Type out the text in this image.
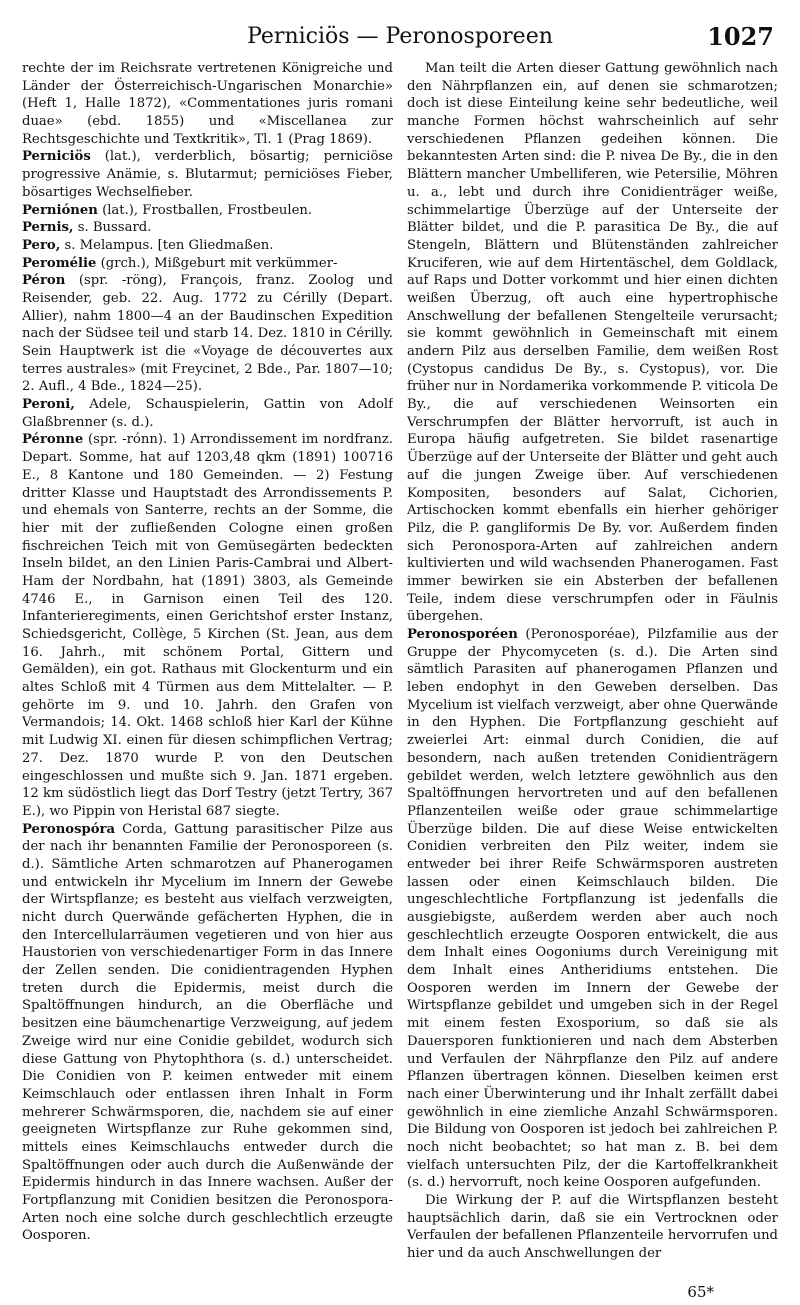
Perniciös — Peronosporeen	1027

rechte der im Reichsrate vertretenen Königreiche und Länder der Österreichisch-Ungarischen Monarchie» (Heft 1, Halle 1872), «Commentationes juris romani duae» (ebd. 1855) und «Miscellanea zur Rechtsgeschichte und Textkritik», Tl. 1 (Prag 1869).

Perniciös (lat.), verderblich, bösartig; perniciöse progressive Anämie, s. Blutarmut; perniciöses Fieber, bösartiges Wechselfieber.

Perniónen (lat.), Frostballen, Frostbeulen.

Pernis, s. Bussard.

Pero, s. Melampus. [ten Gliedmaßen.

Peromélie (grch.), Mißgeburt mit verkümmer-

Péron (spr. -röng), François, franz. Zoolog und Reisender, geb. 22. Aug. 1772 zu Cérilly (Depart. Allier), nahm 1800—4 an der Baudinschen Expedition nach der Südsee teil und starb 14. Dez. 1810 in Cérilly. Sein Hauptwerk ist die «Voyage de découvertes aux terres australes» (mit Freycinet, 2 Bde., Par. 1807—10; 2. Aufl., 4 Bde., 1824—25).

Peroni, Adele, Schauspielerin, Gattin von Adolf Glaßbrenner (s. d.).

Péronne (spr. -rónn). 1) Arrondissement im nordfranz. Depart. Somme, hat auf 1203,48 qkm (1891) 100716 E., 8 Kantone und 180 Gemeinden. — 2) Festung dritter Klasse und Hauptstadt des Arrondissements P. und ehemals von Santerre, rechts an der Somme, die hier mit der zufließenden Cologne einen großen fischreichen Teich mit von Gemüsegärten bedeckten Inseln bildet, an den Linien Paris-Cambrai und Albert-Ham der Nordbahn, hat (1891) 3803, als Gemeinde 4746 E., in Garnison einen Teil des 120. Infanterieregiments, einen Gerichtshof erster Instanz, Schiedsgericht, Collège, 5 Kirchen (St. Jean, aus dem 16. Jahrh., mit schönem Portal, Gittern und Gemälden), ein got. Rathaus mit Glockenturm und ein altes Schloß mit 4 Türmen aus dem Mittelalter. — P. gehörte im 9. und 10. Jahrh. den Grafen von Vermandois; 14. Okt. 1468 schloß hier Karl der Kühne mit Ludwig XI. einen für diesen schimpflichen Vertrag; 27. Dez. 1870 wurde P. von den Deutschen eingeschlossen und mußte sich 9. Jan. 1871 ergeben. 12 km südöstlich liegt das Dorf Testry (jetzt Tertry, 367 E.), wo Pippin von Heristal 687 siegte.

Peronospóra Corda, Gattung parasitischer Pilze aus der nach ihr benannten Familie der Peronosporeen (s. d.). Sämtliche Arten schmarotzen auf Phanerogamen und entwickeln ihr Mycelium im Innern der Gewebe der Wirtspflanze; es besteht aus vielfach verzweigten, nicht durch Querwände gefächerten Hyphen, die in den Intercellularräumen vegetieren und von hier aus Haustorien von verschiedenartiger Form in das Innere der Zellen senden. Die conidientragenden Hyphen treten durch die Epidermis, meist durch die Spaltöffnungen hindurch, an die Oberfläche und besitzen eine bäumchenartige Verzweigung, auf jedem Zweige wird nur eine Conidie gebildet, wodurch sich diese Gattung von Phytophthora (s. d.) unterscheidet. Die Conidien von P. keimen entweder mit einem Keimschlauch oder entlassen ihren Inhalt in Form mehrerer Schwärmsporen, die, nachdem sie auf einer geeigneten Wirtspflanze zur Ruhe gekommen sind, mittels eines Keimschlauchs entweder durch die Spaltöffnungen oder auch durch die Außenwände der Epidermis hindurch in das Innere wachsen. Außer der Fortpflanzung mit Conidien besitzen die Peronospora-Arten noch eine solche durch geschlechtlich erzeugte Oosporen.

Man teilt die Arten dieser Gattung gewöhnlich nach den Nährpflanzen ein, auf denen sie schmarotzen; doch ist diese Einteilung keine sehr bedeutliche, weil manche Formen höchst wahrscheinlich auf sehr verschiedenen Pflanzen gedeihen können. Die bekanntesten Arten sind: die P. nivea De By., die in den Blättern mancher Umbelliferen, wie Petersilie, Möhren u. a., lebt und durch ihre Conidienträger weiße, schimmelartige Überzüge auf der Unterseite der Blätter bildet, und die P. parasitica De By., die auf Stengeln, Blättern und Blütenständen zahlreicher Kruciferen, wie auf dem Hirtentäschel, dem Goldlack, auf Raps und Dotter vorkommt und hier einen dichten weißen Überzug, oft auch eine hypertrophische Anschwellung der befallenen Stengelteile verursacht; sie kommt gewöhnlich in Gemeinschaft mit einem andern Pilz aus derselben Familie, dem weißen Rost (Cystopus candidus De By., s. Cystopus), vor. Die früher nur in Nordamerika vorkommende P. viticola De By., die auf verschiedenen Weinsorten ein Verschrumpfen der Blätter hervorruft, ist auch in Europa häufig aufgetreten. Sie bildet rasenartige Überzüge auf der Unterseite der Blätter und geht auch auf die jungen Zweige über. Auf verschiedenen Kompositen, besonders auf Salat, Cichorien, Artischocken kommt ebenfalls ein hierher gehöriger Pilz, die P. gangliformis De By. vor. Außerdem finden sich Peronospora-Arten auf zahlreichen andern kultivierten und wild wachsenden Phanerogamen. Fast immer bewirken sie ein Absterben der befallenen Teile, indem diese verschrumpfen oder in Fäulnis übergehen.

Peronosporéen (Peronosporéae), Pilzfamilie aus der Gruppe der Phycomyceten (s. d.). Die Arten sind sämtlich Parasiten auf phanerogamen Pflanzen und leben endophyt in den Geweben derselben. Das Mycelium ist vielfach verzweigt, aber ohne Querwände in den Hyphen. Die Fortpflanzung geschieht auf zweierlei Art: einmal durch Conidien, die auf besondern, nach außen tretenden Conidienträgern gebildet werden, welch letztere gewöhnlich aus den Spaltöffnungen hervortreten und auf den befallenen Pflanzenteilen weiße oder graue schimmelartige Überzüge bilden. Die auf diese Weise entwickelten Conidien verbreiten den Pilz weiter, indem sie entweder bei ihrer Reife Schwärmsporen austreten lassen oder einen Keimschlauch bilden. Die ungeschlechtliche Fortpflanzung ist jedenfalls die ausgiebigste, außerdem werden aber auch noch geschlechtlich erzeugte Oosporen entwickelt, die aus dem Inhalt eines Oogoniums durch Vereinigung mit dem Inhalt eines Antheridiums entstehen. Die Oosporen werden im Innern der Gewebe der Wirtspflanze gebildet und umgeben sich in der Regel mit einem festen Exosporium, so daß sie als Dauersporen funktionieren und nach dem Absterben und Verfaulen der Nährpflanze den Pilz auf andere Pflanzen übertragen können. Dieselben keimen erst nach einer Überwinterung und ihr Inhalt zerfällt dabei gewöhnlich in eine ziemliche Anzahl Schwärmsporen. Die Bildung von Oosporen ist jedoch bei zahlreichen P. noch nicht beobachtet; so hat man z. B. bei dem vielfach untersuchten Pilz, der die Kartoffelkrankheit (s. d.) hervorruft, noch keine Oosporen aufgefunden.

Die Wirkung der P. auf die Wirtspflanzen besteht hauptsächlich darin, daß sie ein Vertrocknen oder Verfaulen der befallenen Pflanzenteile hervorrufen und hier und da auch Anschwellungen der

65*
